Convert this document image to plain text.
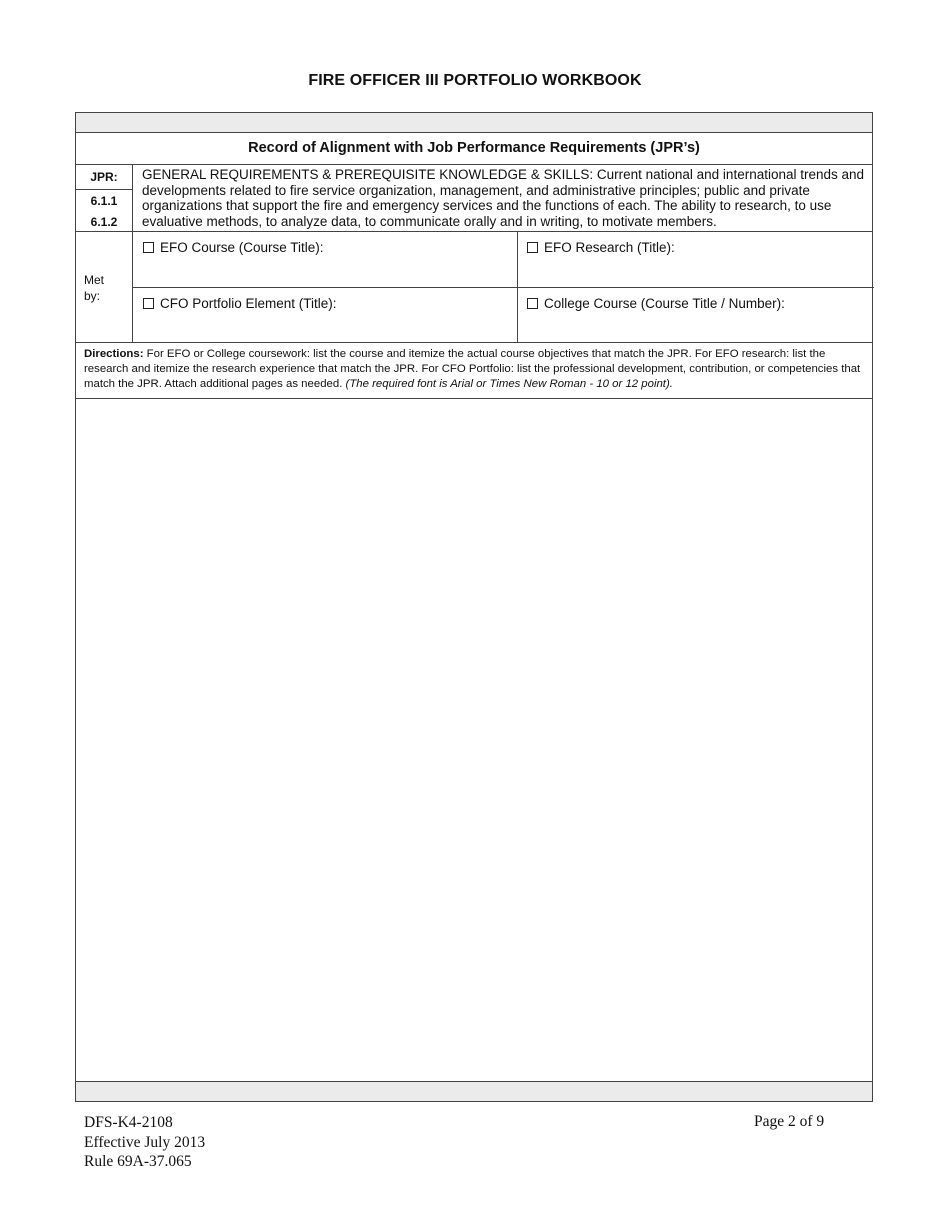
FIRE OFFICER III PORTFOLIO WORKBOOK
Record of Alignment with Job Performance Requirements (JPR’s)
JPR:
6.1.1
6.1.2
GENERAL REQUIREMENTS & PREREQUISITE KNOWLEDGE & SKILLS: Current national and international trends and developments related to fire service organization, management, and administrative principles; public and private organizations that support the fire and emergency services and the functions of each. The ability to research, to use evaluative methods, to analyze data, to communicate orally and in writing, to motivate members.
Met
by:
EFO Course (Course Title):	EFO Research (Title):
CFO Portfolio Element (Title):	College Course (Course Title / Number):
Directions: For EFO or College coursework: list the course and itemize the actual course objectives that match the JPR. For EFO research: list the research and itemize the research experience that match the JPR. For CFO Portfolio: list the professional development, contribution, or competencies that match the JPR. Attach additional pages as needed. (The required font is Arial or Times New Roman - 10 or 12 point).
DFS-K4-2108
Effective July 2013
Rule 69A-37.065
Page 2 of 9
